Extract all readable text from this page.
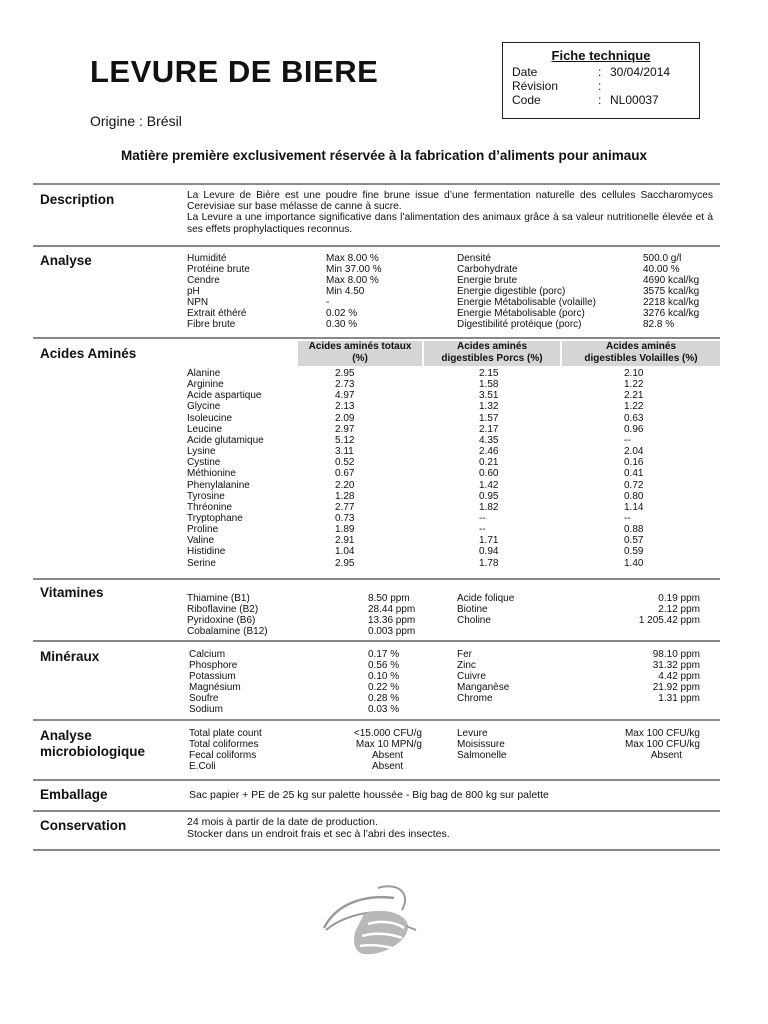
LEVURE DE BIERE
Origine : Brésil
Fiche technique
Date	: 30/04/2014
Révision	:
Code	: NL00037
Matière première exclusivement réservée à la fabrication d’aliments pour animaux
Description
Analyse
Acides Aminés
Vitamines
Minéraux
Analyse
microbiologique
Emballage
Conservation

La Levure de Bière est une poudre fine brune issue d’une fermentation naturelle des cellules Saccharomyces Cerevisiae sur base mélasse de canne à sucre.

La Levure a une importance significative dans l’alimentation des animaux grâce à sa valeur nutritionelle élevée et à ses effets prophylactiques reconnus.

Humidité	Max 8.00 %
Protéine brute	Min 37.00 %
Cendre	Max 8.00 %
pH	Min 4.50
NPN	-
Extrait éthéré	0.02 %
Fibre brute	0.30 %
Densité	500.0 g/l
Carbohydrate	40.00 %
Energie brute	4690 kcal/kg
Energie digestible (porc)	3575 kcal/kg
Energie Métabolisable (volaille)	2218 kcal/kg
Energie Métabolisable (porc)	3276 kcal/kg
Digestibilité protéique (porc)	82.8 %
Acides aminés totaux
(%)
Acides aminés
digestibles Porcs (%)
Acides aminés
digestibles Volailles (%)
Alanine	2.95	2.15	2.10
Arginine	2.73	1.58	1.22
Acide aspartique	4.97	3.51	2.21
Glycine	2.13	1.32	1.22
Isoleucine	2.09	1.57	0.63
Leucine	2.97	2.17	0.96
Acide glutamique	5.12	4.35	--
Lysine	3.11	2.46	2.04
Cystine	0.52	0.21	0.16
Méthionine	0.67	0.60	0.41
Phenylalanine	2.20	1.42	0.72
Tyrosine	1.28	0.95	0.80
Thréonine	2.77	1.82	1.14
Tryptophane	0.73	--	--
Proline	1.89	--	0.88
Valine	2.91	1.71	0.57
Histidine	1.04	0.94	0.59
Serine	2.95	1.78	1.40
Thiamine (B1)	8.50 ppm
Riboflavine (B2)	28.44 ppm
Pyridoxine (B6)	13.36 ppm
Cobalamine (B12)	0.003 ppm
Acide folique	0.19 ppm
Biotine	2.12 ppm
Choline	1 205.42 ppm
Calcium	0.17 %
Phosphore	0.56 %
Potassium	0.10 %
Magnésium	0.22 %
Soufre	0.28 %
Sodium	0.03 %
Fer	98.10 ppm
Zinc	31.32 ppm
Cuivre	4.42 ppm
Manganèse	21.92 ppm
Chrome	1.31 ppm
Total plate count	<15.000 CFU/g
Total coliformes	Max 10 MPN/g
Fecal coliforms	Absent
E.Coli	Absent
Levure	Max 100 CFU/kg
Moisissure	Max 100 CFU/kg
Salmonelle	Absent
Sac papier + PE de 25 kg sur palette houssée - Big bag de 800 kg sur palette
24 mois à partir de la date de production.
Stocker dans un endroit frais et sec à l’abri des insectes.
